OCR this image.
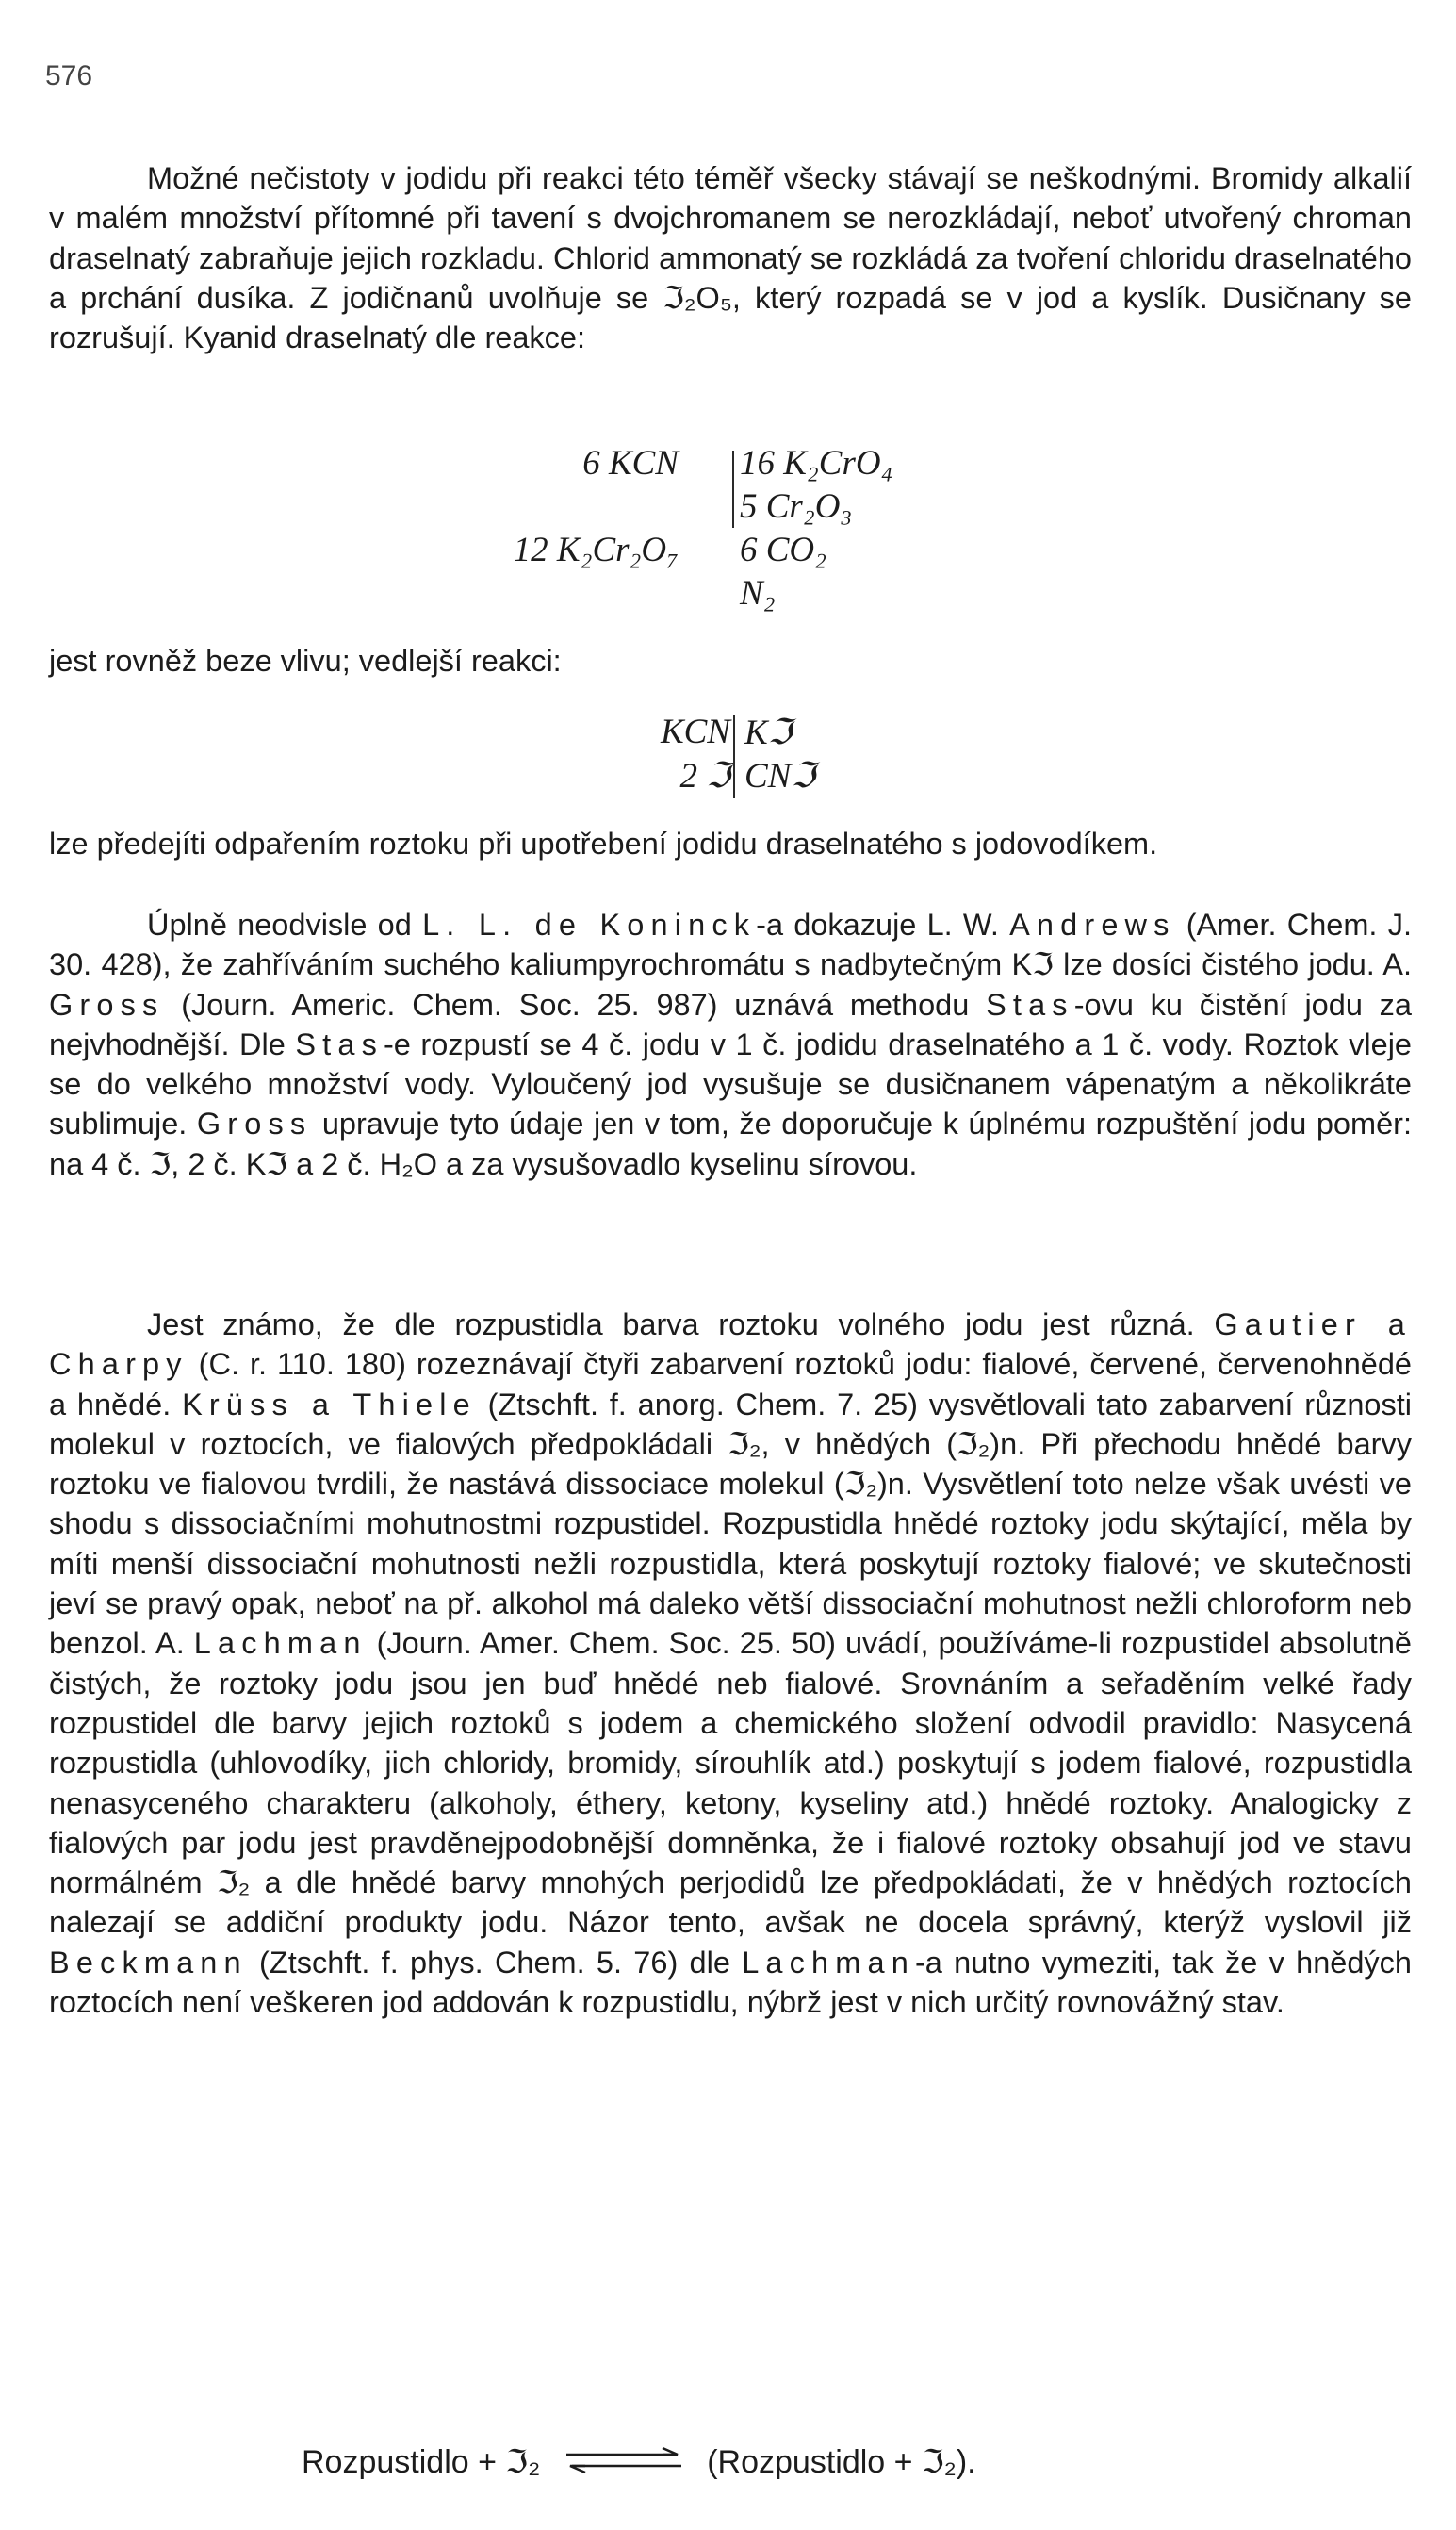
576

Možné nečistoty v jodidu při reakci této téměř všecky stávají se neškodnými. Bromidy alkalií v malém množství přítomné při tavení s dvojchromanem se nerozkládají, neboť utvořený chroman draselnatý zabraňuje jejich rozkladu. Chlorid ammonatý se rozkládá za tvoření chloridu draselnatého a prchání dusíka. Z jodičnanů uvolňuje se ℑ₂O₅, který rozpadá se v jod a kyslík. Dusičnany se rozrušují. Kyanid draselnatý dle reakce:

6 KCN
12 K₂Cr₂O₇
16 K₂CrO₄
5 Cr₂O₃
6 CO₂
N₂

jest rovněž beze vlivu; vedlejší reakci:

KCN
2 ℑ
Kℑ
CNℑ

lze předejíti odpařením roztoku při upotřebení jodidu draselnatého s jodovodíkem.

Úplně neodvisle od L. L. de Koninck-a dokazuje L. W. Andrews (Amer. Chem. J. 30. 428), že zahříváním suchého kaliumpyrochromátu s nadbytečným Kℑ lze dosíci čistého jodu. A. Gross (Journ. Americ. Chem. Soc. 25. 987) uznává methodu Stas-ovu ku čistění jodu za nejvhodnější. Dle Stas-e rozpustí se 4 č. jodu v 1 č. jodidu draselnatého a 1 č. vody. Roztok vleje se do velkého množství vody. Vyloučený jod vysušuje se dusičnanem vápenatým a několikráte sublimuje. Gross upravuje tyto údaje jen v tom, že doporučuje k úplnému rozpuštění jodu poměr: na 4 č. ℑ, 2 č. Kℑ a 2 č. H₂O a za vysušovadlo kyselinu sírovou.

Jest známo, že dle rozpustidla barva roztoku volného jodu jest různá. Gautier a Charpy (C. r. 110. 180) rozeznávají čtyři zabarvení roztoků jodu: fialové, červené, červenohnědé a hnědé. Krüss a Thiele (Ztschft. f. anorg. Chem. 7. 25) vysvětlovali tato zabarvení různosti molekul v roztocích, ve fialových předpokládali ℑ₂, v hnědých (ℑ₂)n. Při přechodu hnědé barvy roztoku ve fialovou tvrdili, že nastává dissociace molekul (ℑ₂)n. Vysvětlení toto nelze však uvésti ve shodu s dissociačními mohutnostmi rozpustidel. Rozpustidla hnědé roztoky jodu skýtající, měla by míti menší dissociační mohutnosti nežli rozpustidla, která poskytují roztoky fialové; ve skutečnosti jeví se pravý opak, neboť na př. alkohol má daleko větší dissociační mohutnost nežli chloroform neb benzol. A. Lachman (Journ. Amer. Chem. Soc. 25. 50) uvádí, používáme-li rozpustidel absolutně čistých, že roztoky jodu jsou jen buď hnědé neb fialové. Srovnáním a seřaděním velké řady rozpustidel dle barvy jejich roztoků s jodem a chemického složení odvodil pravidlo: Nasycená rozpustidla (uhlovodíky, jich chloridy, bromidy, sírouhlík atd.) poskytují s jodem fialové, rozpustidla nenasyceného charakteru (alkoholy, éthery, ketony, kyseliny atd.) hnědé roztoky. Analogicky z fialových par jodu jest pravděnejpodobnější domněnka, že i fialové roztoky obsahují jod ve stavu normálném ℑ₂ a dle hnědé barvy mnohých perjodidů lze předpokládati, že v hnědých roztocích nalezají se addiční produkty jodu. Názor tento, avšak ne docela správný, kterýž vyslovil již Beckmann (Ztschft. f. phys. Chem. 5. 76) dle Lachman-a nutno vymeziti, tak že v hnědých roztocích není veškeren jod addován k rozpustidlu, nýbrž jest v nich určitý rovnovážný stav.

Rozpustidlo + ℑ₂ ⇌ (Rozpustidlo + ℑ₂).
